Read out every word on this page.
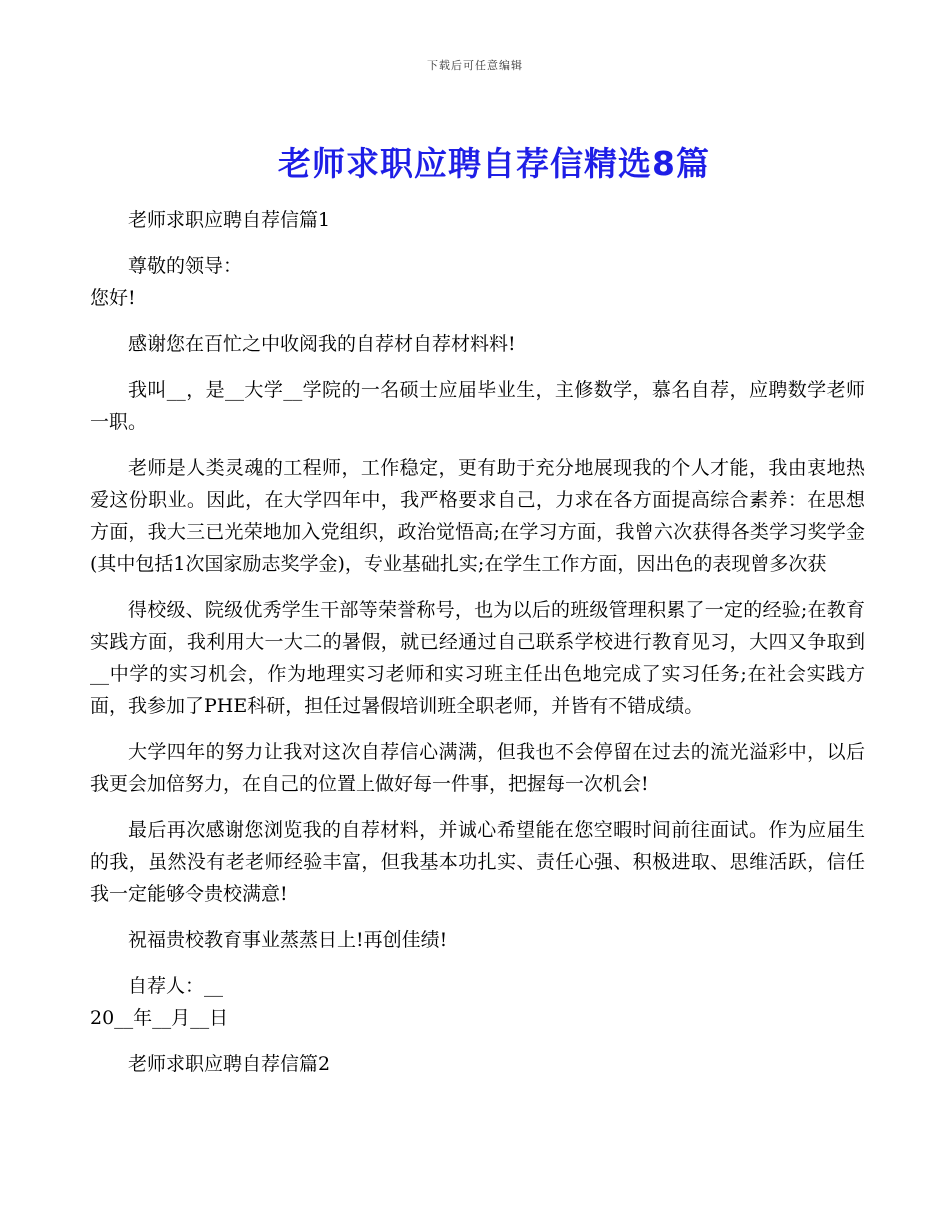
下载后可任意编辑
老师求职应聘自荐信精选8篇

老师求职应聘自荐信篇1

尊敬的领导：

您好!

感谢您在百忙之中收阅我的自荐材自荐材料料!

我叫__，是__大学__学院的一名硕士应届毕业生，主修数学，慕名自荐，应聘数学老师一职。

老师是人类灵魂的工程师，工作稳定，更有助于充分地展现我的个人才能，我由衷地热爱这份职业。因此，在大学四年中，我严格要求自己，力求在各方面提高综合素养：在思想方面，我大三已光荣地加入党组织，政治觉悟高;在学习方面，我曾六次获得各类学习奖学金(其中包括1次国家励志奖学金)，专业基础扎实;在学生工作方面，因出色的表现曾多次获

得校级、院级优秀学生干部等荣誉称号，也为以后的班级管理积累了一定的经验;在教育实践方面，我利用大一大二的暑假，就已经通过自己联系学校进行教育见习，大四又争取到__中学的实习机会，作为地理实习老师和实习班主任出色地完成了实习任务;在社会实践方面，我参加了PHE科研，担任过暑假培训班全职老师，并皆有不错成绩。

大学四年的努力让我对这次自荐信心满满，但我也不会停留在过去的流光溢彩中，以后我更会加倍努力，在自己的位置上做好每一件事，把握每一次机会!

最后再次感谢您浏览我的自荐材料，并诚心希望能在您空暇时间前往面试。作为应届生的我，虽然没有老老师经验丰富，但我基本功扎实、责任心强、积极进取、思维活跃，信任我一定能够令贵校满意!

祝福贵校教育事业蒸蒸日上!再创佳绩!

自荐人：__

20__年__月__日

老师求职应聘自荐信篇2
